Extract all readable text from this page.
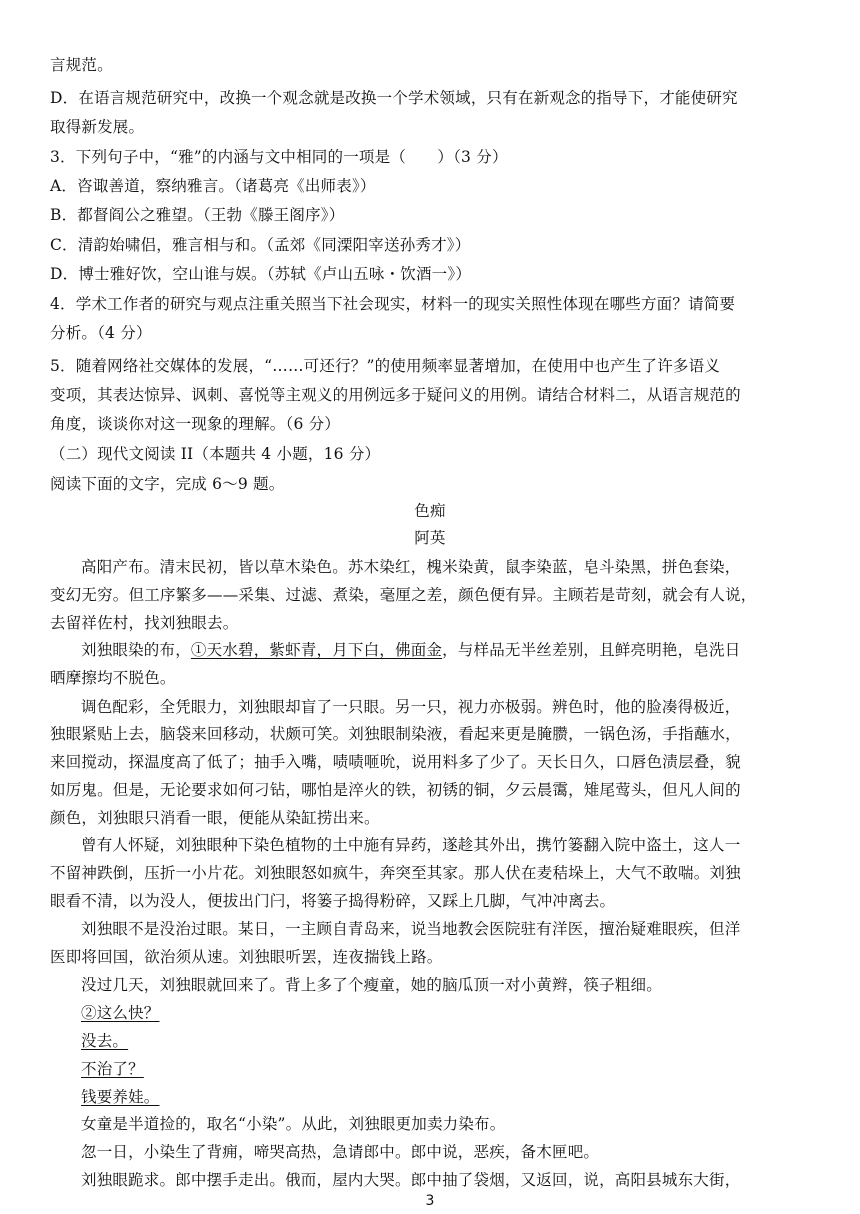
言规范。
D．在语言规范研究中，改换一个观念就是改换一个学术领域，只有在新观念的指导下，才能使研究
取得新发展。
3．下列句子中，“雅”的内涵与文中相同的一项是（　　）（3 分）
A．咨诹善道，察纳雅言。（诸葛亮《出师表》）
B．都督阎公之雅望。（王勃《滕王阁序》）
C．清韵始啸侣，雅言相与和。（孟郊《同溧阳宰送孙秀才》）
D．博士雅好饮，空山谁与娱。（苏轼《卢山五咏・饮酒一》）
4．学术工作者的研究与观点注重关照当下社会现实，材料一的现实关照性体现在哪些方面？请简要
分析。（4 分）
5．随着网络社交媒体的发展，“……可还行？”的使用频率显著增加，在使用中也产生了许多语义
变项，其表达惊异、讽刺、喜悦等主观义的用例远多于疑问义的用例。请结合材料二，从语言规范的
角度，谈谈你对这一现象的理解。（6 分）
（二）现代文阅读 II（本题共 4 小题，16 分）
阅读下面的文字，完成 6～9 题。
色痴
阿英
高阳产布。清末民初，皆以草木染色。苏木染红，槐米染黄，鼠李染蓝，皂斗染黑，拼色套染，
变幻无穷。但工序繁多——采集、过滤、煮染，毫厘之差，颜色便有异。主顾若是苛刻，就会有人说，
去留祥佐村，找刘独眼去。
刘独眼染的布，①天水碧，紫虾青，月下白，佛面金，与样品无半丝差别，且鲜亮明艳，皂洗日
晒摩擦均不脱色。
调色配彩，全凭眼力，刘独眼却盲了一只眼。另一只，视力亦极弱。辨色时，他的脸凑得极近，
独眼紧贴上去，脑袋来回移动，状颇可笑。刘独眼制染液，看起来更是腌臜，一锅色汤，手指蘸水，
来回搅动，探温度高了低了；抽手入嘴，啧啧咂吮，说用料多了少了。天长日久，口唇色渍层叠，貌
如厉鬼。但是，无论要求如何刁钻，哪怕是淬火的铁，初锈的铜，夕云晨霭，雉尾莺头，但凡人间的
颜色，刘独眼只消看一眼，便能从染缸捞出来。
曾有人怀疑，刘独眼种下染色植物的土中施有异药，遂趁其外出，携竹篓翻入院中盗土，这人一
不留神跌倒，压折一小片花。刘独眼怒如疯牛，奔突至其家。那人伏在麦秸垛上，大气不敢喘。刘独
眼看不清，以为没人，便拔出门闩，将篓子捣得粉碎，又踩上几脚，气冲冲离去。
刘独眼不是没治过眼。某日，一主顾自青岛来，说当地教会医院驻有洋医，擅治疑难眼疾，但洋
医即将回国，欲治须从速。刘独眼听罢，连夜揣钱上路。
没过几天，刘独眼就回来了。背上多了个瘦童，她的脑瓜顶一对小黄辫，筷子粗细。
②这么快？
没去。
不治了？
钱要养娃。
女童是半道捡的，取名“小染”。从此，刘独眼更加卖力染布。
忽一日，小染生了背痈，啼哭高热，急请郎中。郎中说，恶疾，备木匣吧。
刘独眼跪求。郎中摆手走出。俄而，屋内大哭。郎中抽了袋烟，又返回，说，高阳县城东大街，
3
